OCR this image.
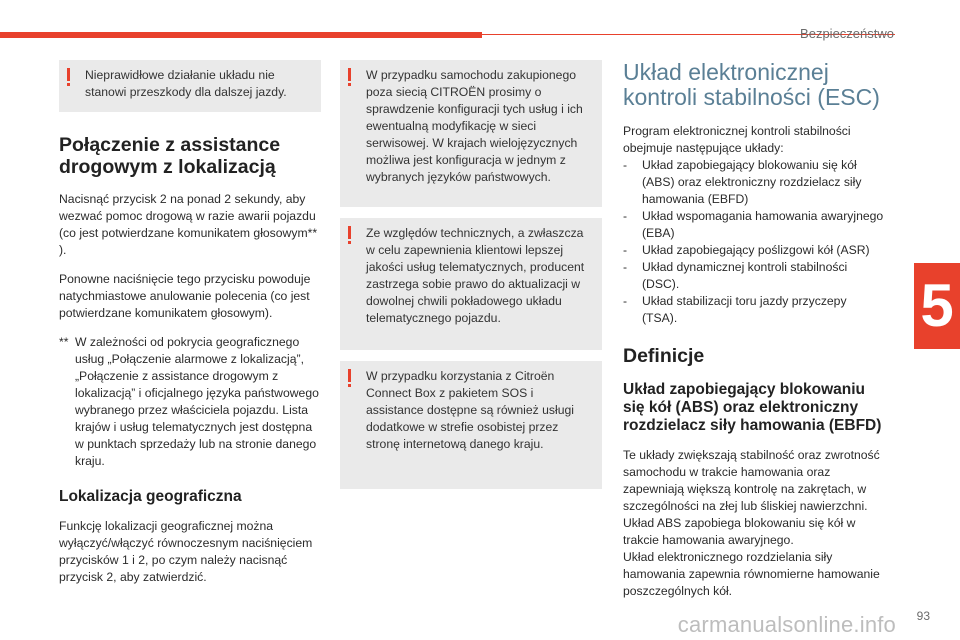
Bezpieczeństwo
5

Nieprawidłowe działanie układu nie stanowi przeszkody dla dalszej jazdy.

Połączenie z assistance drogowym z lokalizacją

Nacisnąć przycisk 2 na ponad 2 sekundy, aby wezwać pomoc drogową w razie awarii pojazdu (co jest potwierdzane komunikatem głosowym** ).

Ponowne naciśnięcie tego przycisku powoduje natychmiastowe anulowanie polecenia (co jest potwierdzane komunikatem głosowym).

** W zależności od pokrycia geograficznego usług „Połączenie alarmowe z lokalizacją”, „Połączenie z assistance drogowym z lokalizacją” i oficjalnego języka państwowego wybranego przez właściciela pojazdu. Lista krajów i usług telematycznych jest dostępna w punktach sprzedaży lub na stronie danego kraju.
Lokalizacja geograficzna

Funkcję lokalizacji geograficznej można wyłączyć/włączyć równoczesnym naciśnięciem przycisków 1 i 2, po czym należy nacisnąć przycisk 2, aby zatwierdzić.

W przypadku samochodu zakupionego poza siecią CITROËN prosimy o sprawdzenie konfiguracji tych usług i ich ewentualną modyfikację w sieci serwisowej. W krajach wielojęzycznych możliwa jest konfiguracja w jednym z wybranych języków państwowych.

Ze względów technicznych, a zwłaszcza w celu zapewnienia klientowi lepszej jakości usług telematycznych, producent zastrzega sobie prawo do aktualizacji w dowolnej chwili pokładowego układu telematycznego pojazdu.

W przypadku korzystania z Citroën Connect Box z pakietem SOS i assistance dostępne są również usługi dodatkowe w strefie osobistej przez stronę internetową danego kraju.

Układ elektronicznej kontroli stabilności (ESC)

Program elektronicznej kontroli stabilności obejmuje następujące układy:

-	Układ zapobiegający blokowaniu się kół (ABS) oraz elektroniczny rozdzielacz siły hamowania (EBFD)
-	Układ wspomagania hamowania awaryjnego (EBA)
-	Układ zapobiegający poślizgowi kół (ASR)
-	Układ dynamicznej kontroli stabilności (DSC).
-	Układ stabilizacji toru jazdy przyczepy (TSA).
Definicje
Układ zapobiegający blokowaniu się kół (ABS) oraz elektroniczny rozdzielacz siły hamowania (EBFD)

Te układy zwiększają stabilność oraz zwrotność samochodu w trakcie hamowania oraz zapewniają większą kontrolę na zakrętach, w szczególności na złej lub śliskiej nawierzchni.
Układ ABS zapobiega blokowaniu się kół w trakcie hamowania awaryjnego.
Układ elektronicznego rozdzielania siły hamowania zapewnia równomierne hamowanie poszczególnych kół.

carmanualsonline.info 93
